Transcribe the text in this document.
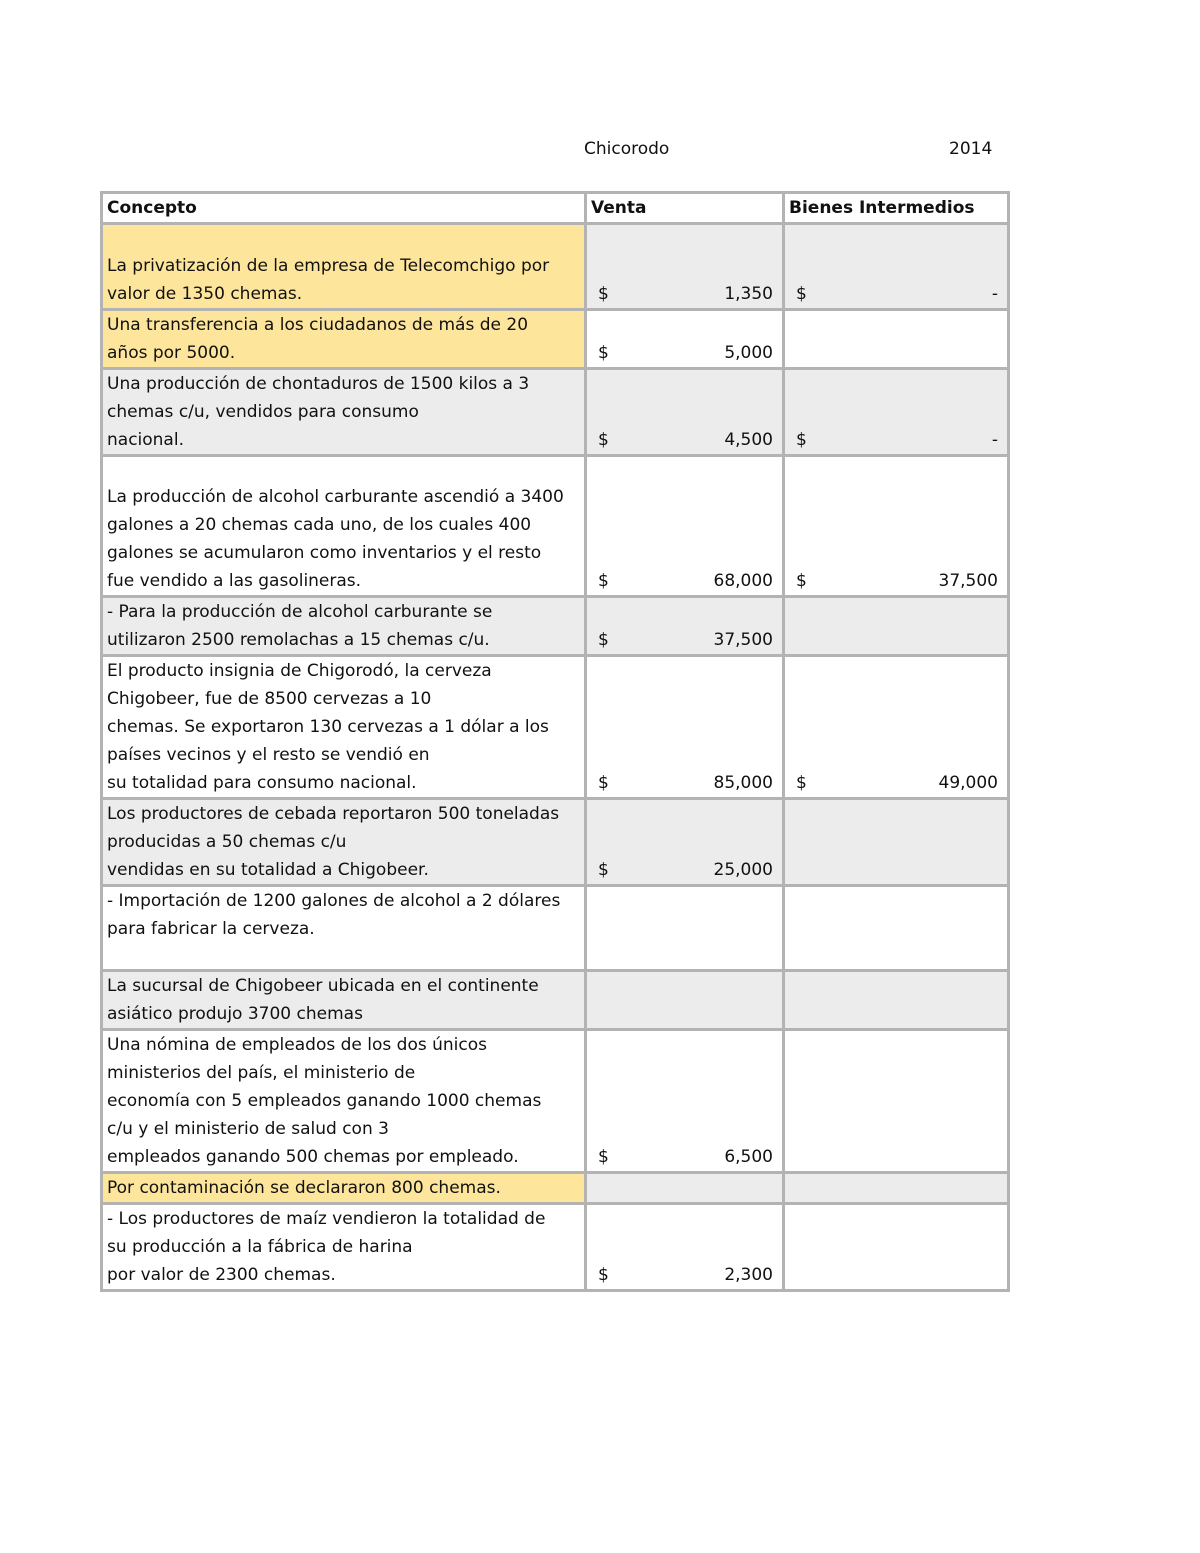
Chicorodo	2014
Concepto	Venta	Bienes Intermedios

La privatización de la empresa de Telecomchigo por
valor de 1350 chemas.	$ 1,350	$ -

Una transferencia a los ciudadanos de más de 20
años por 5000.	$ 5,000	

Una producción de chontaduros de 1500 kilos a 3
chemas c/u, vendidos para consumo
nacional.	$ 4,500	$ -

La producción de alcohol carburante ascendió a 3400
galones a 20 chemas cada uno, de los cuales 400
galones se acumularon como inventarios y el resto
fue vendido a las gasolineras.	$ 68,000	$ 37,500

- Para la producción de alcohol carburante se
utilizaron 2500 remolachas a 15 chemas c/u.	$ 37,500	

El producto insignia de Chigorodó, la cerveza
Chigobeer, fue de 8500 cervezas a 10
chemas. Se exportaron 130 cervezas a 1 dólar a los
países vecinos y el resto se vendió en
su totalidad para consumo nacional.	$ 85,000	$ 49,000

Los productores de cebada reportaron 500 toneladas
producidas a 50 chemas c/u
vendidas en su totalidad a Chigobeer.	$ 25,000	

- Importación de 1200 galones de alcohol a 2 dólares
para fabricar la cerveza.		

La sucursal de Chigobeer ubicada en el continente
asiático produjo 3700 chemas		

Una nómina de empleados de los dos únicos
ministerios del país, el ministerio de
economía con 5 empleados ganando 1000 chemas
c/u y el ministerio de salud con 3
empleados ganando 500 chemas por empleado.	$ 6,500	

Por contaminación se declararon 800 chemas.		

- Los productores de maíz vendieron la totalidad de
su producción a la fábrica de harina
por valor de 2300 chemas.	$ 2,300	
